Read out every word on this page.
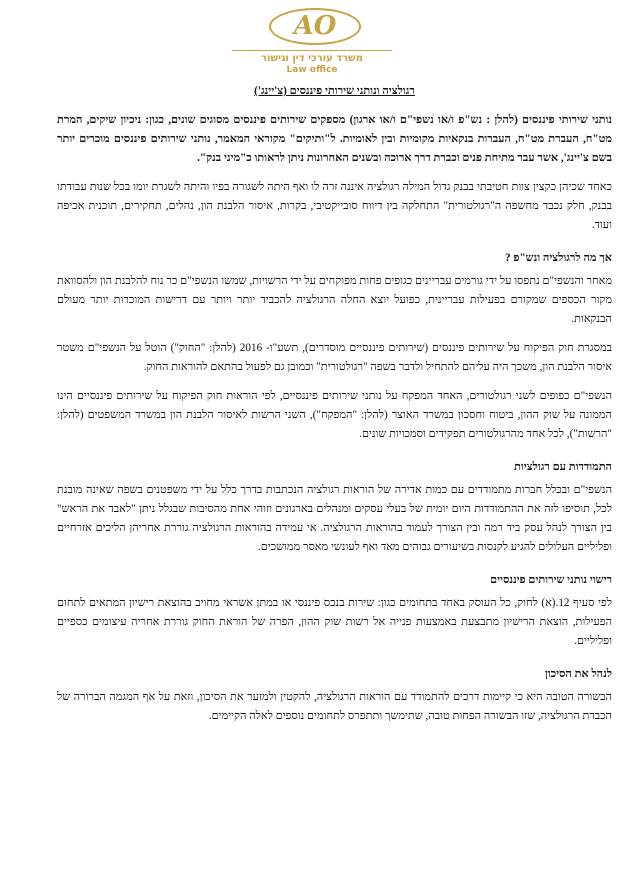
AO
משרד עורכי דין וגישור
Law office
רגולציה ונותני שירותי פיננסים (צ'יינג')

נותני שירותי פיננסים (להלן : נש"פ ו/או נשפי"ם ו/או ארגון) מספקים שירותים פיננסים מסוגים שונים, כגון: ניכיון שיקים, המרת מט"ח, העברת מט"ח, העברות בנקאיות מקומיות ובין לאומיות. ל"ותיקים" מקוראי המאמר, נותני שירותים פיננסים מוכרים יותר בשם צ'יינג', אשר עבר מתיחת פנים וכברת דרך ארוכה ובשנים האחרונות ניתן לראותו כ"מיני בנק".

כאחד שכיהן כקצין צוות חטיבתי בבנק גדול המילה רגולציה איננה זרה לו ואף היתה לשגורה בפיו והיתה לשגרת יומו בכל שנות עבודתו בבנק, חלק נכבד מחשפה ה"רגולטורית" התחלקה בין דיווח סובייקטיבי, בקרות, איסור הלבנת הון, נהלים, תחקירים, תוכנית אכיפה ועוד.

אך מה לרגולציה ונש"פ ?

מאחר והנשפי"ם נתפסו על ידי גורמים עבריינים כגופים פחות מפוקחים על ידי הרשויות, שמשו הנשפי"ם כר נוח להלבנת הון ולהסוואת מקור הכספים שמקורם בפעילות עבריינית, כפועל יוצא החלה הרגולציה להכביד יותר ויותר עם דרישות המוכרות יותר מעולם הבנקאות.

במסגרת חוק הפיקוח על שירותים פיננסים (שירותים פיננסיים מוסדרים), תשע"ו- 2016 (להלן: "החוק") הוטל על הנשפי"ם משטר איסור הלבנת הון, משכך היה עליהם להתחיל ולדבר בשפה "רגולטורית" וכמובן גם לפעול בהתאם להוראות החוק.

הנשפי"ם כפופים לשני רגולטורים, האחד המפקח על נותני שירותים פיננסיים, לפי הוראות חוק הפיקוח על שירותים פיננסיים הינו הממונה על שוק ההון, ביטוח וחסכון במשרד האוצר (להלן: "המפקח"), השני הרשות לאיסור הלבנת הון במשרד המשפטים (להלן: "הרשות"), לכל אחד מהרגולטורים תפקידים וסמכויות שונים.

התמודדות עם רגולציות

הנשפי"ם ובכלל חברות מתמודדים עם כמות אדירה של הוראות רגולציה הנכתבות בדרך כלל על ידי משפטנים בשפה שאינה מובנת לכל, תוסיפו לזה את ההתמודדות היום יומית של בעלי עסקים ומנהלים בארגונים וזוהי אחת מהסיבות שבגלל ניתן "לאבד את הראש" בין הצורך לנהל עסק ביד רמה ובין הצורך לעמוד בהוראות הרגולציה. אי עמידה בהוראות הרגולציה גוררת אחריהן הליכים אזרחיים ופליליים העלולים להגיע לקנסות בשיעורים גבוהים מאד ואף לעונשי מאסר ממושכים.

רישוי נותני שירותים פיננסיים

לפי סעיף 12.(א) לחוק, כל העוסק באחד בתחומים כגון: שירות בנכס פיננסי או במתן אשראי מחויב בהוצאת רישיון המתאים לתחום הפעילות, הוצאת הרישיון מתבצעת באמצעות פנייה אל רשות שוק ההון, הפרה של הוראת החוק גוררת אחריה עיצומים כספיים ופליליים.

לנהל את הסיכון

הבשורה הטובה היא כי קיימות דרכים להתמודד עם הוראות הרגולציה, להקטין ולמזער את הסיכון, וזאת על אף המגמה הברורה של הכבדת הרגולציה, שזו הבשורה הפחות טובה, שתימשך ותתפרס לתחומים נוספים לאלה הקיימים.
